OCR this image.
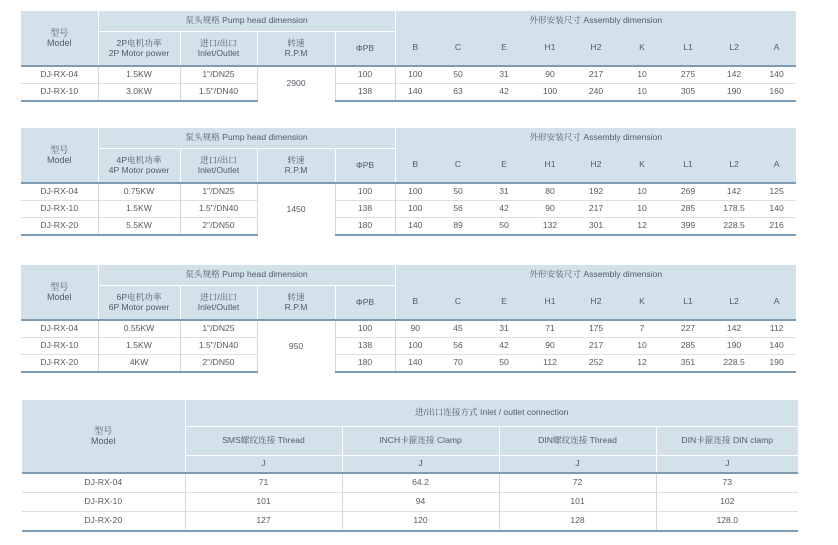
型号
Model	泵头规格 Pump head dimension				外形安装尺寸 Assembly dimension								
	2P电机功率
2P Motor power	进口/出口
Inlet/Outlet	转速
R.P.M	ΦPB	B	C	E	H1	H2	K	L1	L2	A
DJ-RX-04	1.5KW	1"/DN25	2900	100	100	50	31	90	217	10	275	142	140
DJ-RX-10	3.0KW	1.5"/DN40		138	140	63	42	100	240	10	305	190	160
型号
Model	泵头规格 Pump head dimension				外形安装尺寸 Assembly dimension								
	4P电机功率
4P Motor power	进口/出口
Inlet/Outlet	转速
R.P.M	ΦPB	B	C	E	H1	H2	K	L1	L2	A
DJ-RX-04	0.75KW	1"/DN25	1450	100	100	50	31	80	192	10	269	142	125
DJ-RX-10	1.5KW	1.5"/DN40		138	100	56	42	90	217	10	285	178.5	140
DJ-RX-20	5.5KW	2"/DN50		180	140	89	50	132	301	12	399	228.5	216
型号
Model	泵头规格 Pump head dimension				外形安装尺寸 Assembly dimension								
	6P电机功率
6P Motor power	进口/出口
Inlet/Outlet	转速
R.P.M	ΦPB	B	C	E	H1	H2	K	L1	L2	A
DJ-RX-04	0.55KW	1"/DN25	950	100	90	45	31	71	175	7	227	142	112
DJ-RX-10	1.5KW	1.5"/DN40		138	100	56	42	90	217	10	285	190	140
DJ-RX-20	4KW	2"/DN50		180	140	70	50	112	252	12	351	228.5	190
型号
Model	进/出口连接方式 Inlet / outlet connection			
	SMS螺纹连接 Thread	INCH卡箍连接 Clamp	DIN螺纹连接 Thread	DIN卡箍连接 DIN clamp
	J	J	J	J
DJ-RX-04	71	64.2	72	73
DJ-RX-10	101	94	101	102
DJ-RX-20	127	120	128	128.0
